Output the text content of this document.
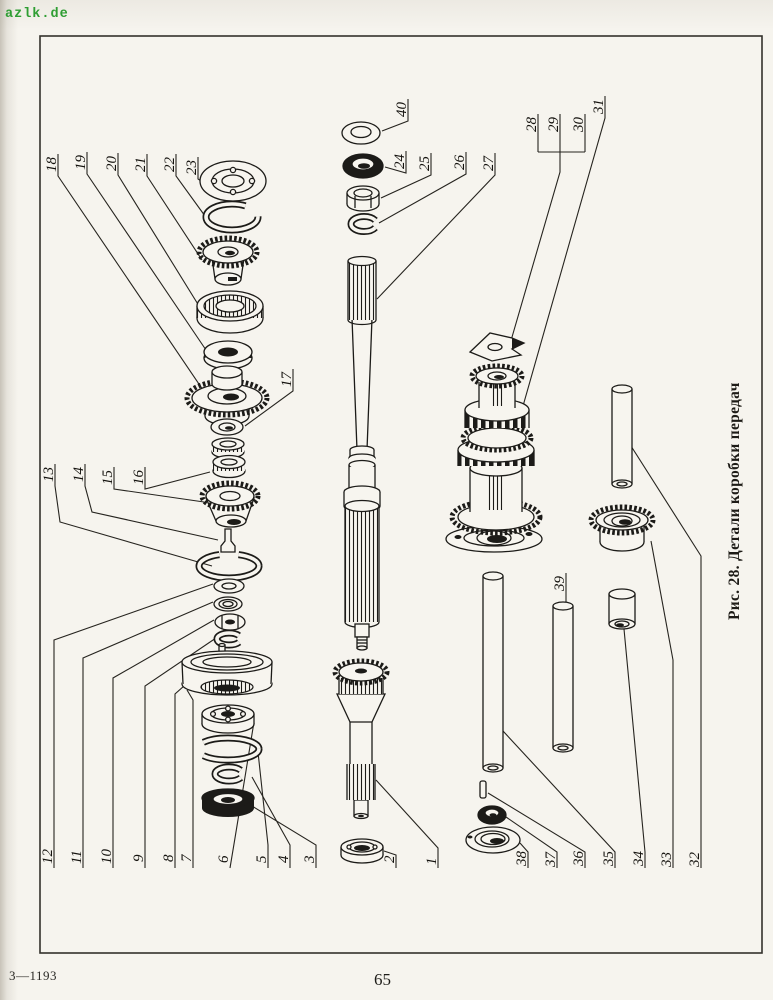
azlk.de
3—1193	65
18 19 20 21 22 23
40
24 25 26 27
28 29 30
31
13 14 15 16
17
39
12 11 10 9 8 7 6 5 4 3	2 1	38 37 36 35 34 33 32
Рис. 28. Детали коробки передач
